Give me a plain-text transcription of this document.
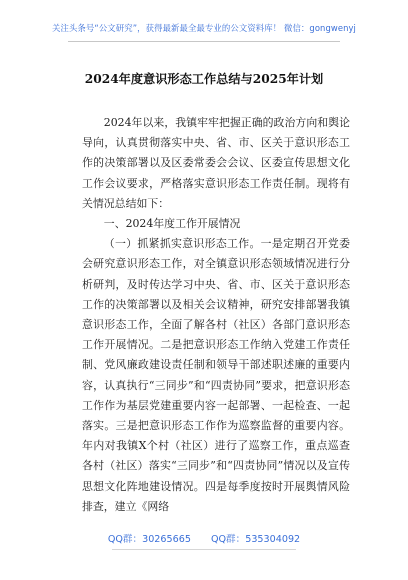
关注头条号“公文研究”，获得最新最全最专业的公文资料库！ 微信：gongwenyj
2024年度意识形态工作总结与2025年计划

2024年以来，我镇牢牢把握正确的政治方向和舆论导向，认真贯彻落实中央、省、市、区关于意识形态工作的决策部署以及区委常委会会议、区委宣传思想文化工作会议要求，严格落实意识形态工作责任制。现将有关情况总结如下：

一、2024年度工作开展情况

（一）抓紧抓实意识形态工作。一是定期召开党委会研究意识形态工作，对全镇意识形态领域情况进行分析研判，及时传达学习中央、省、市、区关于意识形态工作的决策部署以及相关会议精神，研究安排部署我镇意识形态工作，全面了解各村（社区）各部门意识形态工作开展情况。二是把意识形态工作纳入党建工作责任制、党风廉政建设责任制和领导干部述职述廉的重要内容，认真执行“三同步”和“四责协同”要求，把意识形态工作作为基层党建重要内容一起部署、一起检查、一起落实。三是把意识形态工作作为巡察监督的重要内容。年内对我镇X个村（社区）进行了巡察工作，重点巡查各村（社区）落实“三同步”和“四责协同”情况以及宣传思想文化阵地建设情况。四是每季度按时开展舆情风险排查，建立《网络

QQ群：30265665 QQ群：535304092
